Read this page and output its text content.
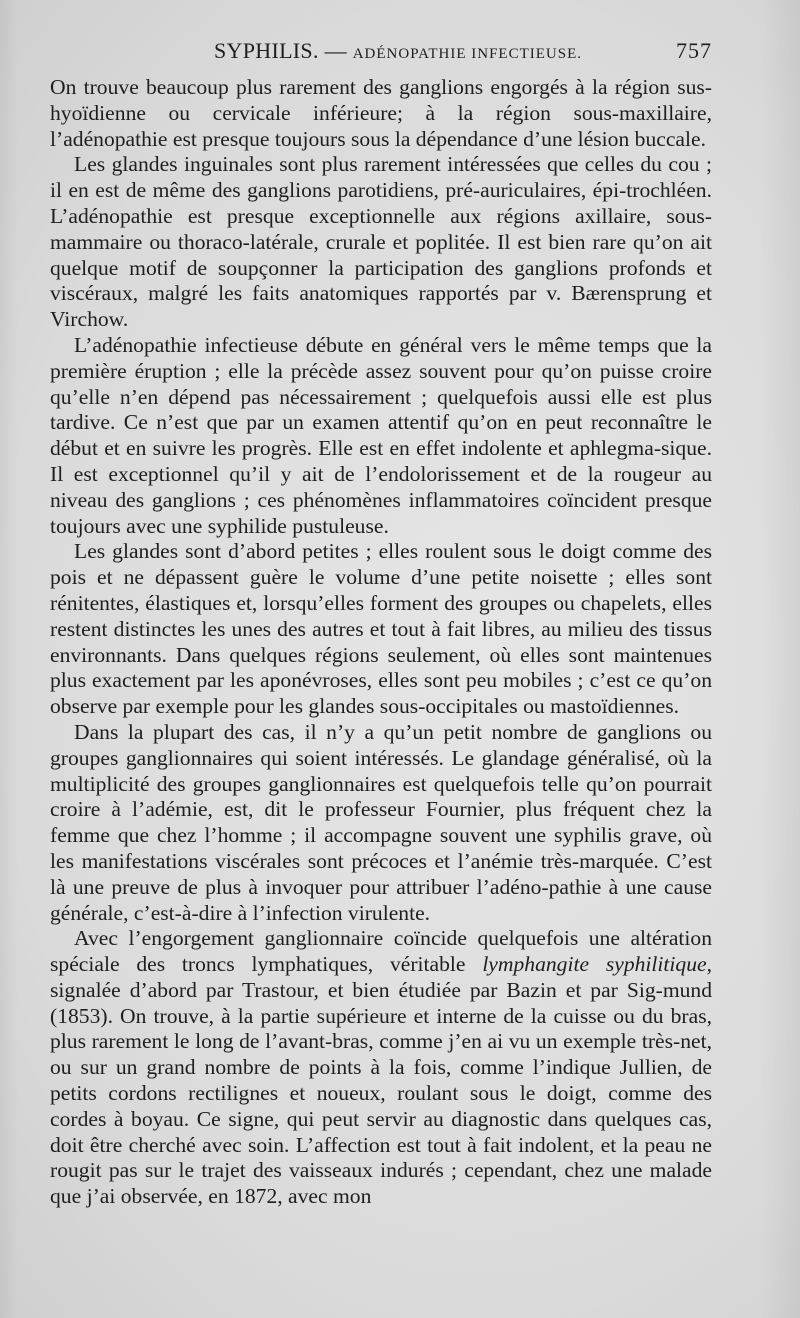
SYPHILIS. — ADÉNOPATHIE INFECTIEUSE.	757

On trouve beaucoup plus rarement des ganglions engorgés à la région sus-hyoïdienne ou cervicale inférieure; à la région sous-maxillaire, l’adénopathie est presque toujours sous la dépendance d’une lésion buccale.

Les glandes inguinales sont plus rarement intéressées que celles du cou ; il en est de même des ganglions parotidiens, pré-auriculaires, épi-trochléen. L’adénopathie est presque exceptionnelle aux régions axillaire, sous-mammaire ou thoraco-latérale, crurale et poplitée. Il est bien rare qu’on ait quelque motif de soupçonner la participation des ganglions profonds et viscéraux, malgré les faits anatomiques rapportés par v. Bærensprung et Virchow.

L’adénopathie infectieuse débute en général vers le même temps que la première éruption ; elle la précède assez souvent pour qu’on puisse croire qu’elle n’en dépend pas nécessairement ; quelquefois aussi elle est plus tardive. Ce n’est que par un examen attentif qu’on en peut reconnaître le début et en suivre les progrès. Elle est en effet indolente et aphlegma-sique. Il est exceptionnel qu’il y ait de l’endolorissement et de la rougeur au niveau des ganglions ; ces phénomènes inflammatoires coïncident presque toujours avec une syphilide pustuleuse.

Les glandes sont d’abord petites ; elles roulent sous le doigt comme des pois et ne dépassent guère le volume d’une petite noisette ; elles sont rénitentes, élastiques et, lorsqu’elles forment des groupes ou chapelets, elles restent distinctes les unes des autres et tout à fait libres, au milieu des tissus environnants. Dans quelques régions seulement, où elles sont maintenues plus exactement par les aponévroses, elles sont peu mobiles ; c’est ce qu’on observe par exemple pour les glandes sous-occipitales ou mastoïdiennes.

Dans la plupart des cas, il n’y a qu’un petit nombre de ganglions ou groupes ganglionnaires qui soient intéressés. Le glandage généralisé, où la multiplicité des groupes ganglionnaires est quelquefois telle qu’on pourrait croire à l’adémie, est, dit le professeur Fournier, plus fréquent chez la femme que chez l’homme ; il accompagne souvent une syphilis grave, où les manifestations viscérales sont précoces et l’anémie très-marquée. C’est là une preuve de plus à invoquer pour attribuer l’adéno-pathie à une cause générale, c’est-à-dire à l’infection virulente.

Avec l’engorgement ganglionnaire coïncide quelquefois une altération spéciale des troncs lymphatiques, véritable lymphangite syphilitique, signalée d’abord par Trastour, et bien étudiée par Bazin et par Sig-mund (1853). On trouve, à la partie supérieure et interne de la cuisse ou du bras, plus rarement le long de l’avant-bras, comme j’en ai vu un exemple très-net, ou sur un grand nombre de points à la fois, comme l’indique Jullien, de petits cordons rectilignes et noueux, roulant sous le doigt, comme des cordes à boyau. Ce signe, qui peut servir au diagnostic dans quelques cas, doit être cherché avec soin. L’affection est tout à fait indolent, et la peau ne rougit pas sur le trajet des vaisseaux indurés ; cependant, chez une malade que j’ai observée, en 1872, avec mon
